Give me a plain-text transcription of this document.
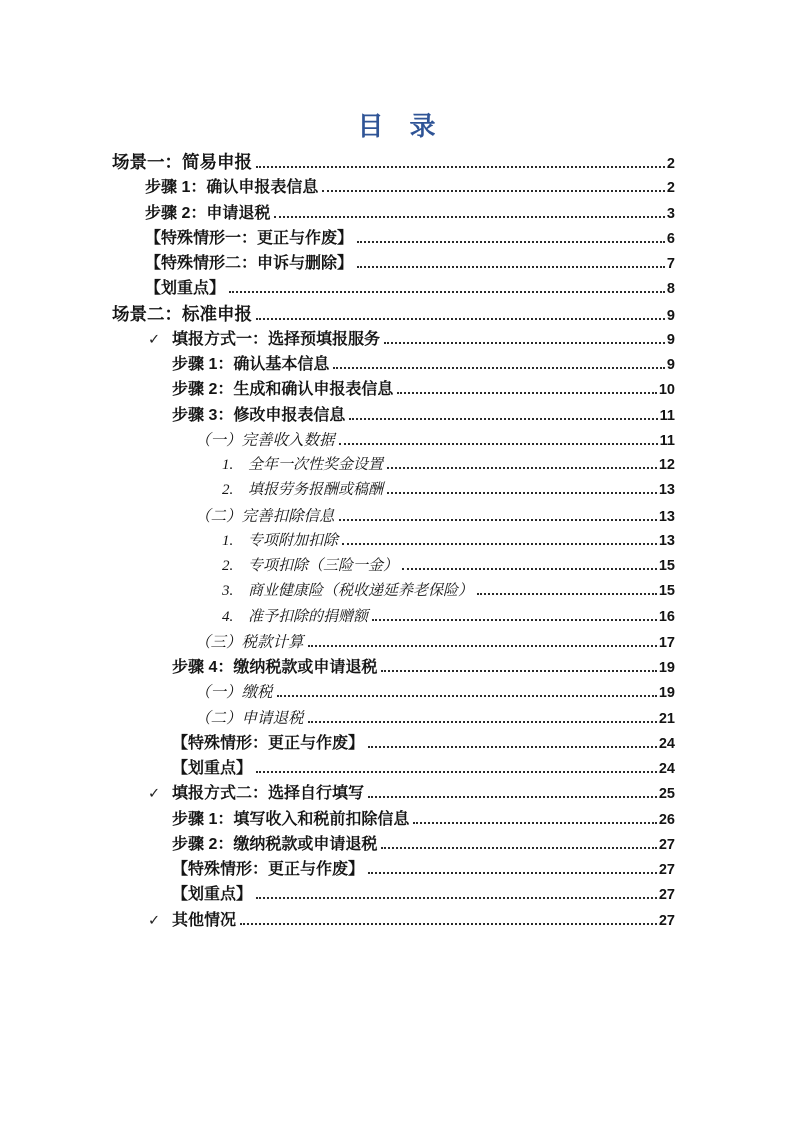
目　录
场景一：简易申报	2
步骤 1：确认申报表信息	2
步骤 2：申请退税	3
【特殊情形一：更正与作废】	6
【特殊情形二：申诉与删除】	7
【划重点】	8
场景二：标准申报	9
✓ 填报方式一：选择预填报服务	9
步骤 1：确认基本信息	9
步骤 2：生成和确认申报表信息	10
步骤 3：修改申报表信息	11
（一）完善收入数据	11
1. 全年一次性奖金设置	12
2. 填报劳务报酬或稿酬	13
（二）完善扣除信息	13
1. 专项附加扣除	13
2. 专项扣除（三险一金）	15
3. 商业健康险（税收递延养老保险）	15
4. 准予扣除的捐赠额	16
（三）税款计算	17
步骤 4：缴纳税款或申请退税	19
（一）缴税	19
（二）申请退税	21
【特殊情形：更正与作废】	24
【划重点】	24
✓ 填报方式二：选择自行填写	25
步骤 1：填写收入和税前扣除信息	26
步骤 2：缴纳税款或申请退税	27
【特殊情形：更正与作废】	27
【划重点】	27
✓ 其他情况	27
